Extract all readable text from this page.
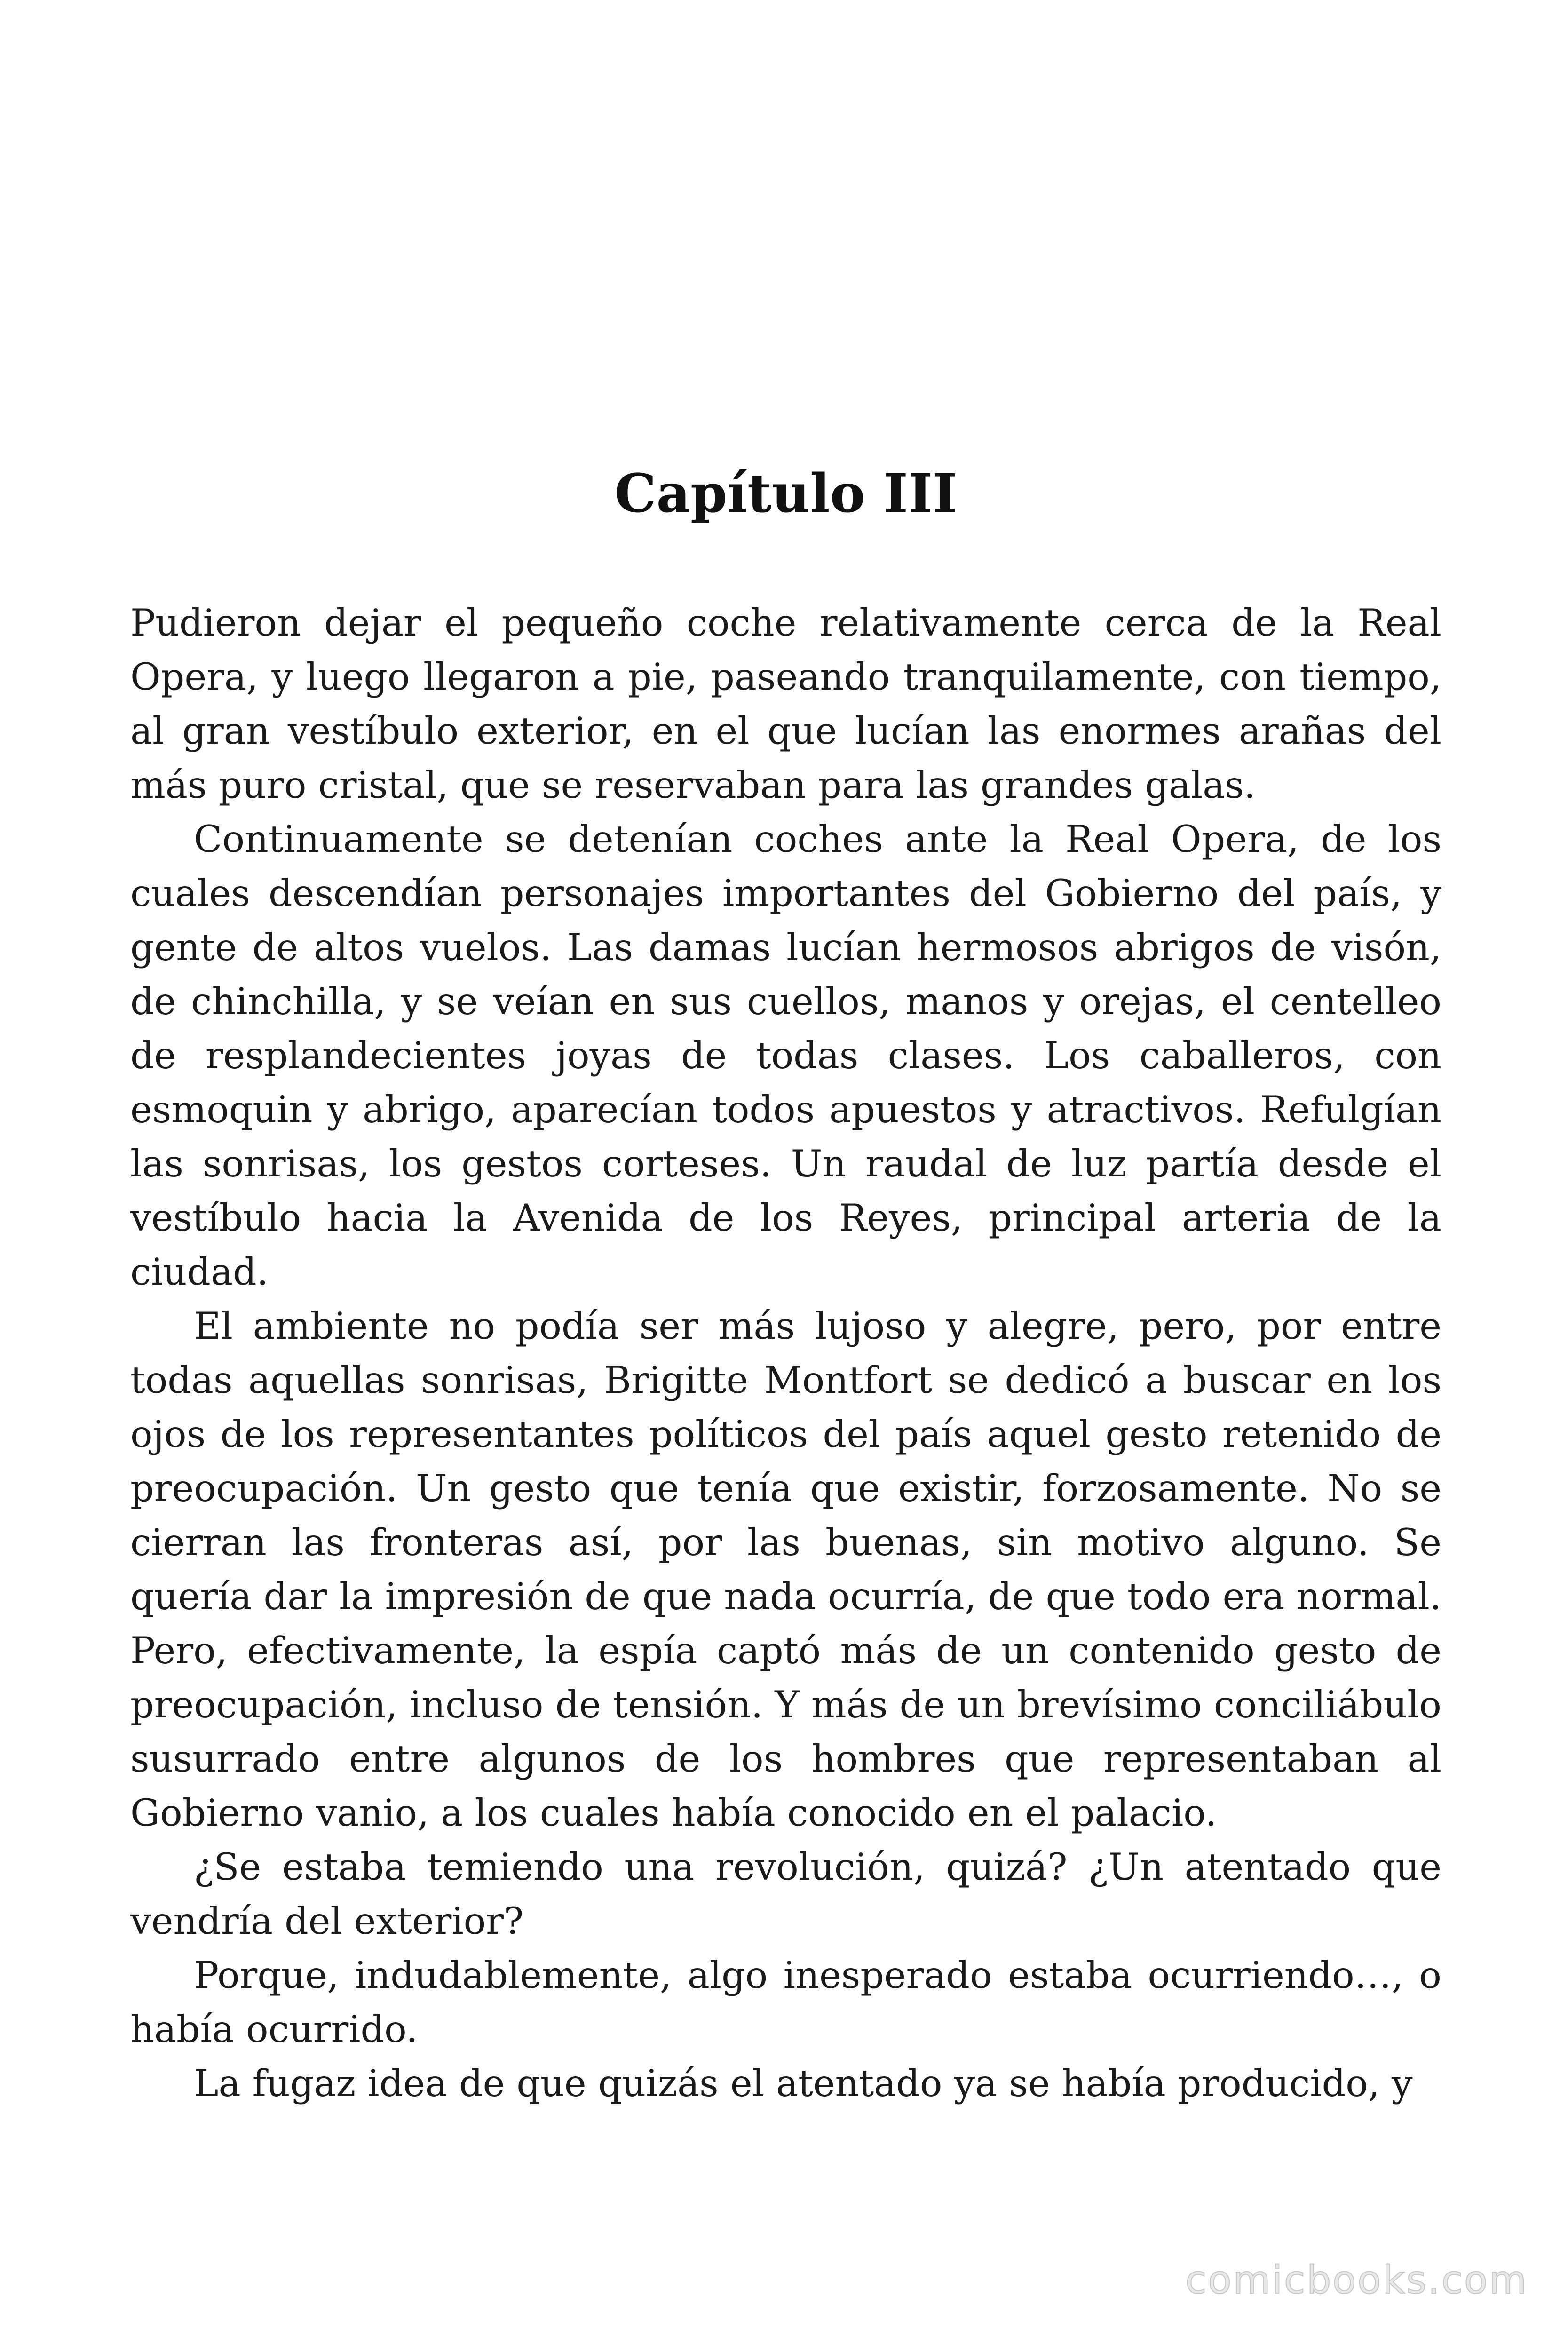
Capítulo III

Pudieron dejar el pequeño coche relativamente cerca de la Real Opera, y luego llegaron a pie, paseando tranquilamente, con tiempo, al gran vestíbulo exterior, en el que lucían las enormes arañas del más puro cristal, que se reservaban para las grandes galas.

Continuamente se detenían coches ante la Real Opera, de los cuales descendían personajes importantes del Gobierno del país, y gente de altos vuelos. Las damas lucían hermosos abrigos de visón, de chinchilla, y se veían en sus cuellos, manos y orejas, el centelleo de resplandecientes joyas de todas clases. Los caballeros, con esmoquin y abrigo, aparecían todos apuestos y atractivos. Refulgían las sonrisas, los gestos corteses. Un raudal de luz partía desde el vestíbulo hacia la Avenida de los Reyes, principal arteria de la ciudad.

El ambiente no podía ser más lujoso y alegre, pero, por entre todas aquellas sonrisas, Brigitte Montfort se dedicó a buscar en los ojos de los representantes políticos del país aquel gesto retenido de preocupación. Un gesto que tenía que existir, forzosamente. No se cierran las fronteras así, por las buenas, sin motivo alguno. Se quería dar la impresión de que nada ocurría, de que todo era normal. Pero, efectivamente, la espía captó más de un contenido gesto de preocupación, incluso de tensión. Y más de un brevísimo conciliábulo susurrado entre algunos de los hombres que representaban al Gobierno vanio, a los cuales había conocido en el palacio.

¿Se estaba temiendo una revolución, quizá? ¿Un atentado que vendría del exterior?

Porque, indudablemente, algo inesperado estaba ocurriendo…, o había ocurrido.

La fugaz idea de que quizás el atentado ya se había producido, y

comicbooks.com
